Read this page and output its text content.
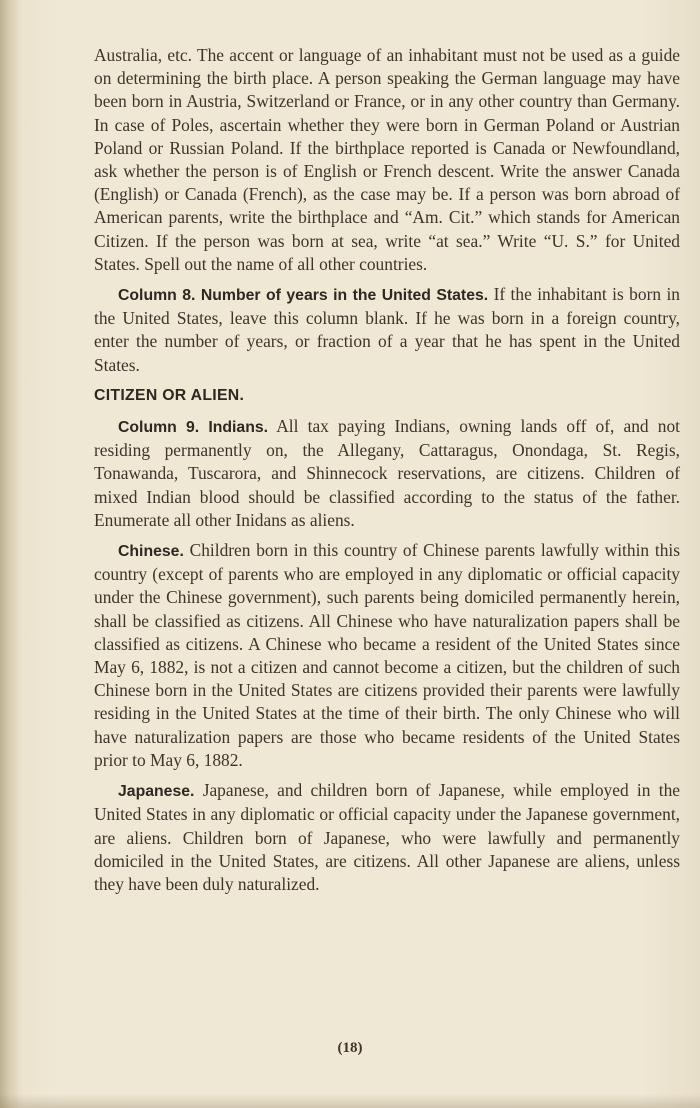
Australia, etc. The accent or language of an inhabitant must not be used as a guide on determining the birth place. A person speaking the German language may have been born in Austria, Switzerland or France, or in any other country than Germany. In case of Poles, ascertain whether they were born in German Poland or Austrian Poland or Russian Poland. If the birthplace reported is Canada or Newfoundland, ask whether the person is of English or French descent. Write the answer Canada (English) or Canada (French), as the case may be. If a person was born abroad of American parents, write the birthplace and “Am. Cit.” which stands for American Citizen. If the person was born at sea, write “at sea.” Write “U. S.” for United States. Spell out the name of all other countries.

Column 8. Number of years in the United States. If the inhabitant is born in the United States, leave this column blank. If he was born in a foreign country, enter the number of years, or fraction of a year that he has spent in the United States.

CITIZEN OR ALIEN.

Column 9. Indians. All tax paying Indians, owning lands off of, and not residing permanently on, the Allegany, Cattaragus, Onondaga, St. Regis, Tonawanda, Tuscarora, and Shinnecock reservations, are citizens. Children of mixed Indian blood should be classified according to the status of the father. Enumerate all other Inidans as aliens.

Chinese. Children born in this country of Chinese parents lawfully within this country (except of parents who are employed in any diplomatic or official capacity under the Chinese government), such parents being domiciled permanently herein, shall be classified as citizens. All Chinese who have naturalization papers shall be classified as citizens. A Chinese who became a resident of the United States since May 6, 1882, is not a citizen and cannot become a citizen, but the children of such Chinese born in the United States are citizens provided their parents were lawfully residing in the United States at the time of their birth. The only Chinese who will have naturalization papers are those who became residents of the United States prior to May 6, 1882.

Japanese. Japanese, and children born of Japanese, while employed in the United States in any diplomatic or official capacity under the Japanese government, are aliens. Children born of Japanese, who were lawfully and permanently domiciled in the United States, are citizens. All other Japanese are aliens, unless they have been duly naturalized.

(18)
